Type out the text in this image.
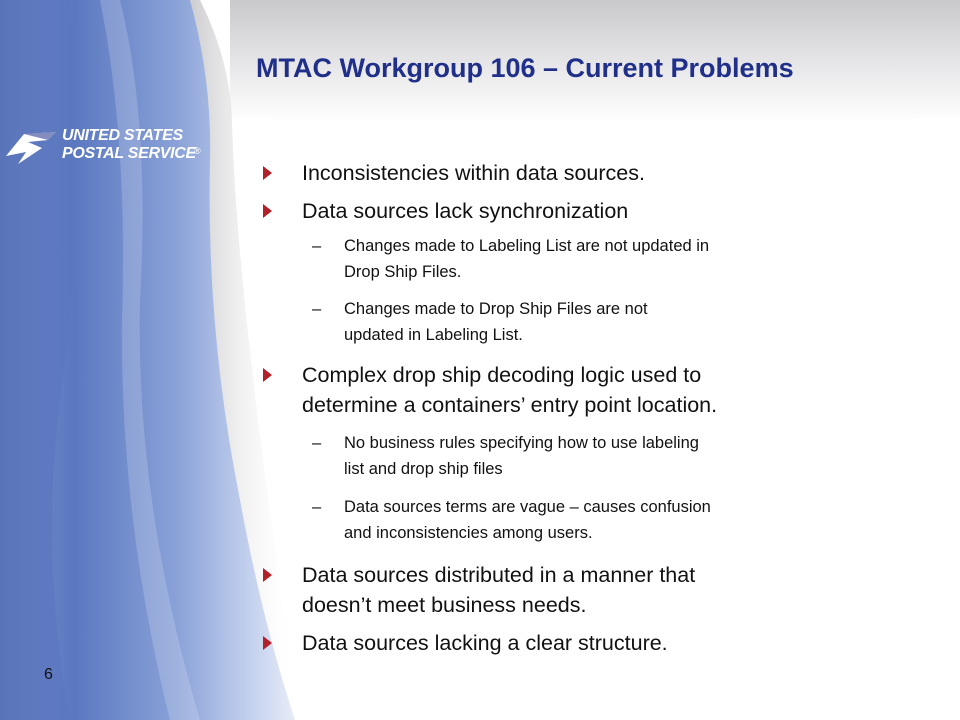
UNITED STATES
POSTAL SERVICE
®
MTAC Workgroup 106 – Current Problems
Inconsistencies within data sources.
Data sources lack synchronization
– Changes made to Labeling List are not updated in
Drop Ship Files.
– Changes made to Drop Ship Files are not
updated in Labeling List.
Complex drop ship decoding logic used to
determine a containers’ entry point location.
– No business rules specifying how to use labeling
list and drop ship files
– Data sources terms are vague – causes confusion
and inconsistencies among users.
Data sources distributed in a manner that
doesn’t meet business needs.
Data sources lacking a clear structure.
6
